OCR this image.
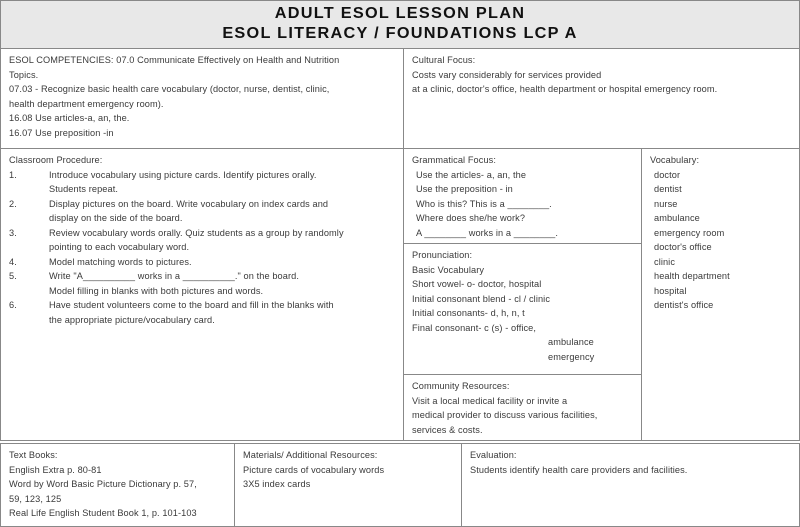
ADULT ESOL LESSON PLAN
ESOL LITERACY / FOUNDATIONS LCP A
ESOL COMPETENCIES: 07.0 Communicate Effectively on Health and Nutrition
Topics.
07.03 - Recognize basic health care vocabulary (doctor, nurse, dentist, clinic,
health department emergency room).
16.08 Use articles-a, an, the.
16.07 Use preposition -in
Cultural Focus:
Costs vary considerably for services provided
at a clinic, doctor's office, health department or hospital emergency room.
Classroom Procedure:
1.	Introduce vocabulary using picture cards. Identify pictures orally.
Students repeat.
2.	Display pictures on the board. Write vocabulary on index cards and
display on the side of the board.
3.	Review vocabulary words orally. Quiz students as a group by randomly
pointing to each vocabulary word.
4.	Model matching words to pictures.
5.	Write "A__________ works in a __________." on the board.
Model filling in blanks with both pictures and words.
6.	Have student volunteers come to the board and fill in the blanks with
the appropriate picture/vocabulary card.
Grammatical Focus:
Use the articles- a, an, the
Use the preposition - in
Who is this? This is a ________.
Where does she/he work?
A ________ works in a ________.
Pronunciation:
Basic Vocabulary
Short vowel- o- doctor, hospital
Initial consonant blend - cl / clinic
Initial consonants- d, h, n, t
Final consonant- c (s) - office,
ambulance
emergency
Community Resources:
Visit a local medical facility or invite a
medical provider to discuss various facilities,
services & costs.
Vocabulary:
doctor
dentist
nurse
ambulance
emergency room
doctor's office
clinic
health department
hospital
dentist's office
Text Books:
English Extra p. 80-81
Word by Word Basic Picture Dictionary p. 57,
59, 123, 125
Real Life English Student Book 1, p. 101-103
Materials/ Additional Resources:
Picture cards of vocabulary words
3X5 index cards
Evaluation:
Students identify health care providers and facilities.
